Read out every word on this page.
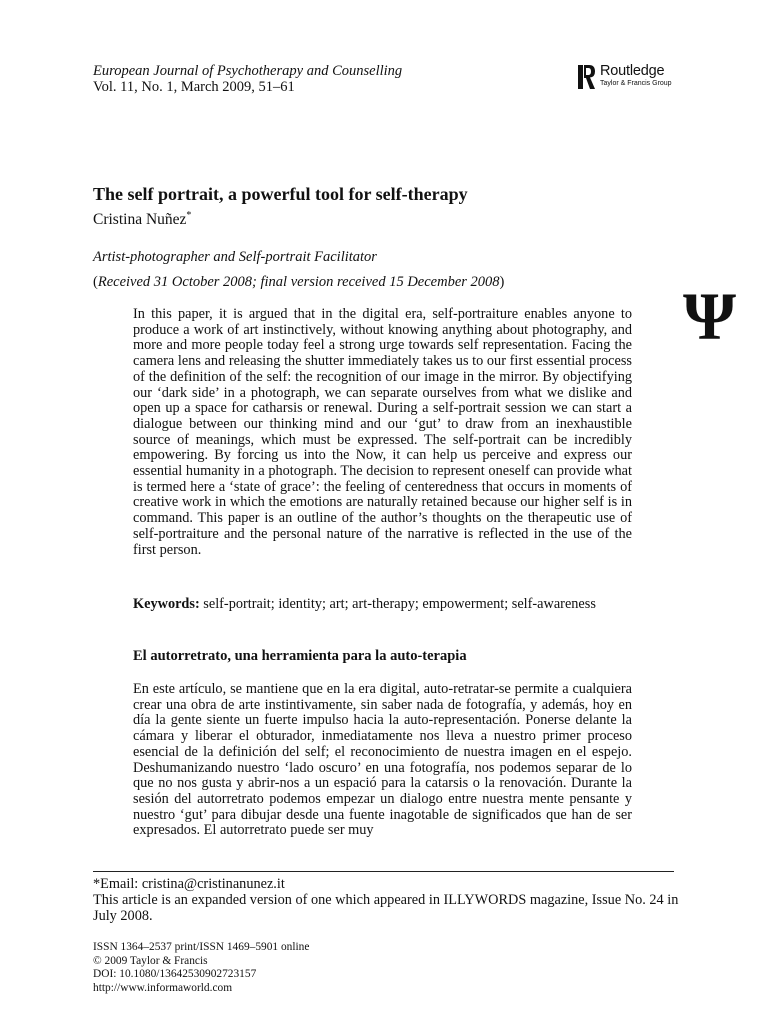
European Journal of Psychotherapy and Counselling
Vol. 11, No. 1, March 2009, 51–61
Routledge
Taylor & Francis Group
The self portrait, a powerful tool for self-therapy
Cristina Nuñez*
Artist-photographer and Self-portrait Facilitator
(Received 31 October 2008; final version received 15 December 2008)	Ψ
In this paper, it is argued that in the digital era, self-portraiture enables anyone to produce a work of art instinctively, without knowing anything about photography, and more and more people today feel a strong urge towards self representation. Facing the camera lens and releasing the shutter immediately takes us to our first essential process of the definition of the self: the recognition of our image in the mirror. By objectifying our ‘dark side’ in a photograph, we can separate ourselves from what we dislike and open up a space for catharsis or renewal. During a self-portrait session we can start a dialogue between our thinking mind and our ‘gut’ to draw from an inexhaustible source of meanings, which must be expressed. The self-portrait can be incredibly empowering. By forcing us into the Now, it can help us perceive and express our essential humanity in a photograph. The decision to represent oneself can provide what is termed here a ‘state of grace’: the feeling of centeredness that occurs in moments of creative work in which the emotions are naturally retained because our higher self is in command. This paper is an outline of the author’s thoughts on the therapeutic use of self-portraiture and the personal nature of the narrative is reflected in the use of the first person.
Keywords: self-portrait; identity; art; art-therapy; empowerment; self-awareness
El autorretrato, una herramienta para la auto-terapia
En este artículo, se mantiene que en la era digital, auto-retratar-se permite a cualquiera crear una obra de arte instintivamente, sin saber nada de fotografía, y además, hoy en día la gente siente un fuerte impulso hacia la auto-representación. Ponerse delante la cámara y liberar el obturador, inmediatamente nos lleva a nuestro primer proceso esencial de la definición del self; el reconocimiento de nuestra imagen en el espejo. Deshumanizando nuestro ‘lado oscuro’ en una fotografía, nos podemos separar de lo que no nos gusta y abrir-nos a un espació para la catarsis o la renovación. Durante la sesión del autorretrato podemos empezar un dialogo entre nuestra mente pensante y nuestro ‘gut’ para dibujar desde una fuente inagotable de significados que han de ser expresados. El autorretrato puede ser muy
*Email: cristina@cristinanunez.it
This article is an expanded version of one which appeared in ILLYWORDS magazine, Issue No. 24 in July 2008.
ISSN 1364–2537 print/ISSN 1469–5901 online
© 2009 Taylor & Francis
DOI: 10.1080/13642530902723157
http://www.informaworld.com
